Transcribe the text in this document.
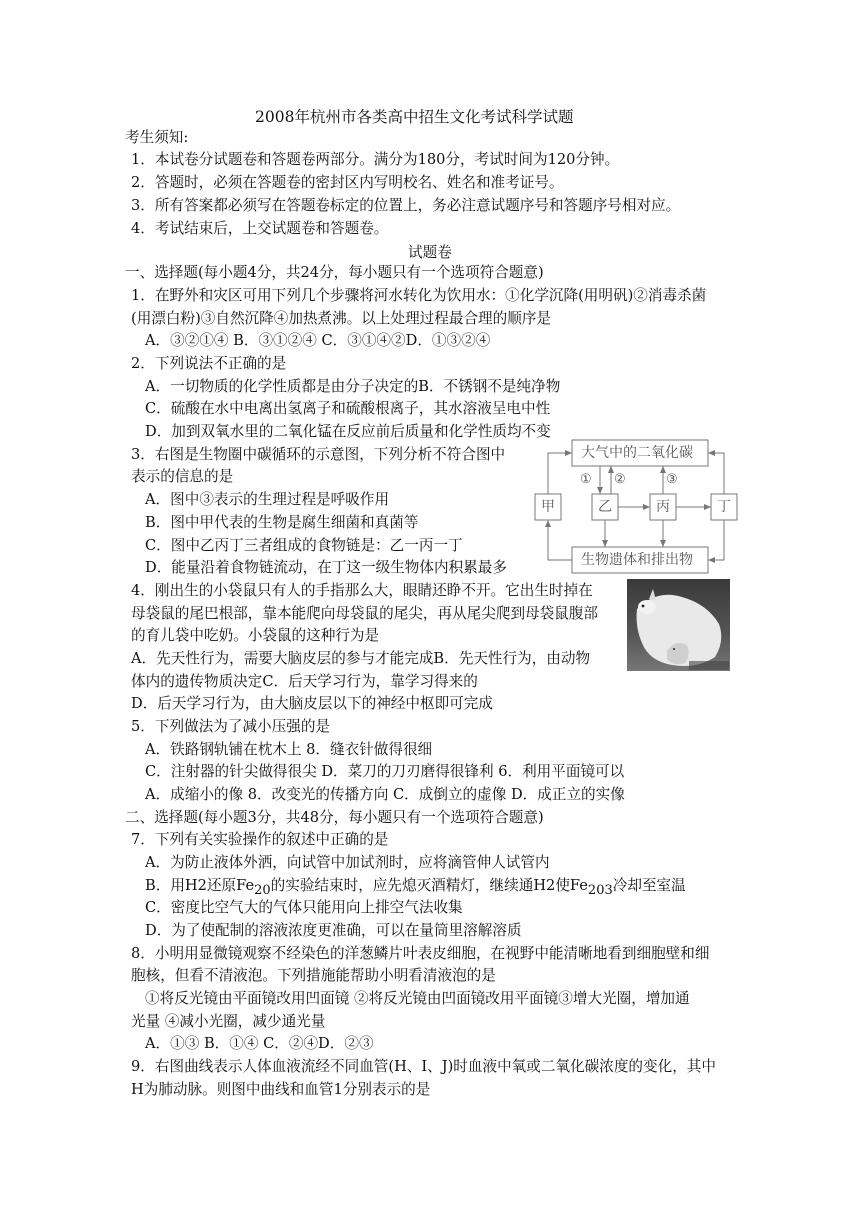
2008年杭州市各类高中招生文化考试科学试题
考生须知:
1．本试卷分试题卷和答题卷两部分。满分为180分，考试时间为120分钟。
2．答题时，必须在答题卷的密封区内写明校名、姓名和准考证号。
3．所有答案都必须写在答题卷标定的位置上，务必注意试题序号和答题序号相对应。
4．考试结束后，上交试题卷和答题卷。
试题卷
一、选择题(每小题4分，共24分，每小题只有一个选项符合题意)
1．在野外和灾区可用下列几个步骤将河水转化为饮用水：①化学沉降(用明矾)②消毒杀菌
(用漂白粉)③自然沉降④加热煮沸。以上处理过程最合理的顺序是
A．③②①④ B．③①②④ C．③①④②D．①③②④
2．下列说法不正确的是
A．一切物质的化学性质都是由分子决定的B．不锈钢不是纯净物
C．硫酸在水中电离出氢离子和硫酸根离子，其水溶液呈电中性
D．加到双氧水里的二氧化锰在反应前后质量和化学性质均不变
3．右图是生物圈中碳循环的示意图，下列分析不符合图中
表示的信息的是
A．图中③表示的生理过程是呼吸作用
B．图中甲代表的生物是腐生细菌和真菌等
C．图中乙丙丁三者组成的食物链是：乙一丙一丁
D．能量沿着食物链流动，在丁这一级生物体内积累最多
大气中的二氧化碳
生物遗体和排出物
甲	乙	丙	丁
① ②	③
4．刚出生的小袋鼠只有人的手指那么大，眼睛还睁不开。它出生时掉在
母袋鼠的尾巴根部，靠本能爬向母袋鼠的尾尖，再从尾尖爬到母袋鼠腹部
的育儿袋中吃奶。小袋鼠的这种行为是
A．先天性行为，需要大脑皮层的参与才能完成B．先天性行为，由动物
体内的遗传物质决定C．后天学习行为，靠学习得来的
D．后天学习行为，由大脑皮层以下的神经中枢即可完成
5．下列做法为了减小压强的是
A．铁路钢轨铺在枕木上 8．缝衣针做得很细
C．注射器的针尖做得很尖 D．菜刀的刀刃磨得很锋利 6．利用平面镜可以
A．成缩小的像 8．改变光的传播方向 C．成倒立的虚像 D．成正立的实像
二、选择题(每小题3分，共48分，每小题只有一个选项符合题意)
7．下列有关实验操作的叙述中正确的是
A．为防止液体外洒，向试管中加试剂时，应将滴管伸人试管内
B．用H2还原$Fe_{20}$的实验结束时，应先熄灭酒精灯，继续通H2使$Fe_{203}$冷却至室温
C．密度比空气大的气体只能用向上排空气法收集
D．为了使配制的溶液浓度更准确，可以在量筒里溶解溶质
8．小明用显微镜观察不经染色的洋葱鳞片叶表皮细胞，在视野中能清晰地看到细胞壁和细
胞核，但看不清液泡。下列措施能帮助小明看清液泡的是
①将反光镜由平面镜改用凹面镜 ②将反光镜由凹面镜改用平面镜③增大光圈，增加通
光量 ④减小光圈，减少通光量
A．①③ B．①④ C．②④D．②③
9．右图曲线表示人体血液流经不同血管(H、I、J)时血液中氧或二氧化碳浓度的变化，其中
H为肺动脉。则图中曲线和血管1分别表示的是
